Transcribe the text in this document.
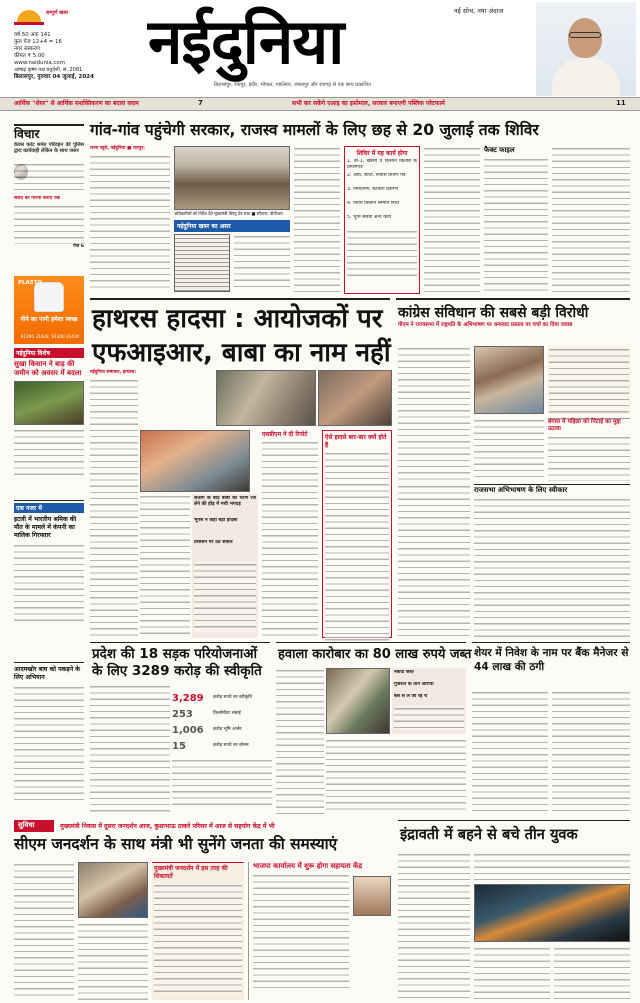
सम्पूर्ण खबर
वर्ष 50 अंक 141
कुल पेज 12+4 = 16
नगर संस्करण
कीमत ₹ 5.00
www.naidunia.com
आषाढ़ कृष्ण पक्ष चतुर्दशी, सं. 2081
बिलासपुर, गुरुवार 04 जुलाई, 2024 नईदुनिया	नई सोच, नया अंदाज
बिलासपुर, रायपुर, इंदौर, भोपाल, ग्वालियर, जबलपुर और रायगढ़ से एक साथ प्रकाशित
आर्थिक "शेयर" से आर्थिक सशक्तिकरण का बदला कदम	7	सभी कर सकेंगे एआइ का इस्तेमाल, सरकार बनाएगी पब्लिक प्लेटफार्म	11
विचार
केवल करंट समेत परिवहन की पुलिस द्वारा कार्यवाही लेकिन के साथ जरूर
संसद की गरिमा बनाए रखे
पेज 6
PLASTO
पीने का पानी हमेशा स्वच्छ
91300 31428, 91300 31430
नईदुनिया विशेष
सुखा किसान ने बाड़ की जमीन को अवसर में बदला
एक नजर में
इटली में भारतीय श्रमिक की मौत के मामले में कंपनी का मालिक गिरफ्तार
आदमखोर बाघ को पकड़ने के लिए अभियान
गांव-गांव पहुंचेगी सरकार, राजस्व मामलों के लिए छह से 20 जुलाई तक शिविर
राज्य ब्यूरो, नईदुनिया ■ रायपुर:
अधिकारियों को निर्देश देते मुख्यमंत्री विष्णु देव साय ■ सौजन्य: डीपीआर
नईदुनिया खबर का असर
शिविर में यह कार्य होगा
1. बी-1, खसरा व किसान किताब के प्रमाणपत्र
2. आय, जाति, निवास प्रमाण पत्र
3. नामांतरण, बंटवारा प्रकरण
4. पीएम किसान सम्मान निधि
5. भूमि संबंधी अन्य कार्य
फैक्ट फाइल
हाथरस हादसा : आयोजकों पर एफआइआर, बाबा का नाम नहीं
नईदुनिया समाचार, हाथरस:
सत्संग के बाद बाबा की चरण रज लेने की होड़ में मची भगदड़
भूपेश ने कहा बड़ा हादसा
प्रशासन पर उठे सवाल
एसडीएम ने दी रिपोर्ट	ऐसे हादसे बार-बार क्यों होते हैं
कांग्रेस संविधान की सबसे बड़ी विरोधी
पीएम ने राज्यसभा में राष्ट्रपति के अभिभाषण पर धन्यवाद प्रस्ताव पर चर्चा का दिया जवाब
बंगाल में महिला को पिटाई का मुद्दा उठाया
राजसभा अभिभाषण के लिए स्वीकार
प्रदेश की 18 सड़क परियोजनाओं के लिए 3289 करोड़ की स्वीकृति
3,289	करोड़ रुपये का स्वीकृति
253	किलोमीटर लंबाई
1,006	करोड़ भूमि अर्जन
15	करोड़ रुपये का बोनस
हवाला कारोबार का 80 लाख रुपये जब्त
नकदी जब्त
गुजरात के तीन आरोपी
बस से ले जा रहे थे
शेयर में निवेश के नाम पर बैंक मैनेजर से 44 लाख की ठगी
सुविधा	मुख्यमंत्री निवास में दूसरा जनदर्शन आज, कुशाभाऊ ठाकरे परिसर में आज से सहयोग केंद्र में भी
सीएम जनदर्शन के साथ मंत्री भी सुनेंगे जनता की समस्याएं
मुख्यमंत्री जनदर्शन में इस तरह की शिकायतें
भाजपा कार्यालय में शुरू होगा सहायता केंद्र
इंद्रावती में बहने से बचे तीन युवक
